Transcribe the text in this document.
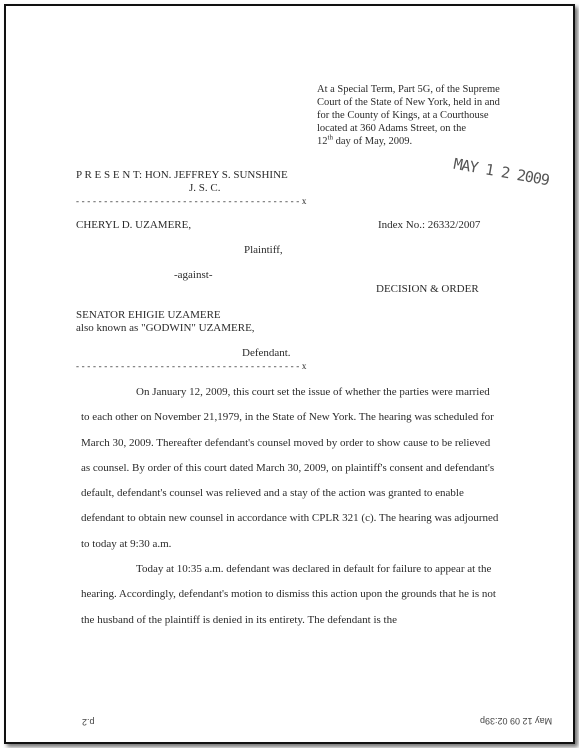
At a Special Term, Part 5G, of the Supreme
Court of the State of New York, held in and
for the County of Kings, at a Courthouse
located at 360 Adams Street, on the
12th day of May, 2009.
MAY 1 2 2009
P R E S E N T: HON. JEFFREY S. SUNSHINE
J. S. C.
- - - - - - - - - - - - - - - - - - - - - - - - - - - - - - - - - - - - - - - - x
CHERYL D. UZAMERE,	Index No.: 26332/2007
Plaintiff,
-against-
DECISION & ORDER
SENATOR EHIGIE UZAMERE
also known as "GODWIN" UZAMERE,
Defendant.
- - - - - - - - - - - - - - - - - - - - - - - - - - - - - - - - - - - - - - - - x

On January 12, 2009, this court set the issue of whether the parties were married to each other on November 21,1979, in the State of New York. The hearing was scheduled for March 30, 2009. Thereafter defendant's counsel moved by order to show cause to be relieved as counsel. By order of this court dated March 30, 2009, on plaintiff's consent and defendant's default, defendant's counsel was relieved and a stay of the action was granted to enable defendant to obtain new counsel in accordance with CPLR 321 (c). The hearing was adjourned to today at 9:30 a.m.

Today at 10:35 a.m. defendant was declared in default for failure to appear at the hearing. Accordingly, defendant's motion to dismiss this action upon the grounds that he is not the husband of the plaintiff is denied in its entirety. The defendant is the

May 12 09 02:39p
p.2
